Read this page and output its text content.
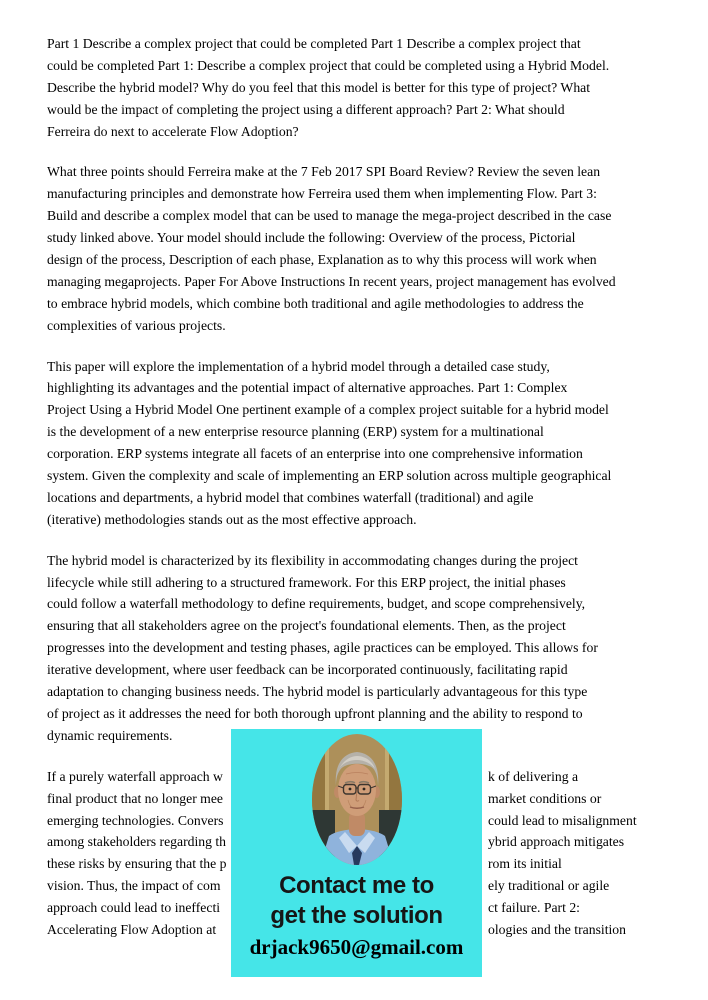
Part 1 Describe a complex project that could be completed Part 1 Describe a complex project that
could be completed Part 1: Describe a complex project that could be completed using a Hybrid Model.
Describe the hybrid model? Why do you feel that this model is better for this type of project? What
would be the impact of completing the project using a different approach? Part 2: What should
Ferreira do next to accelerate Flow Adoption?
What three points should Ferreira make at the 7 Feb 2017 SPI Board Review? Review the seven lean
manufacturing principles and demonstrate how Ferreira used them when implementing Flow. Part 3:
Build and describe a complex model that can be used to manage the mega-project described in the case
study linked above. Your model should include the following: Overview of the process, Pictorial
design of the process, Description of each phase, Explanation as to why this process will work when
managing megaprojects. Paper For Above Instructions In recent years, project management has evolved
to embrace hybrid models, which combine both traditional and agile methodologies to address the
complexities of various projects.
This paper will explore the implementation of a hybrid model through a detailed case study,
highlighting its advantages and the potential impact of alternative approaches. Part 1: Complex
Project Using a Hybrid Model One pertinent example of a complex project suitable for a hybrid model
is the development of a new enterprise resource planning (ERP) system for a multinational
corporation. ERP systems integrate all facets of an enterprise into one comprehensive information
system. Given the complexity and scale of implementing an ERP solution across multiple geographical
locations and departments, a hybrid model that combines waterfall (traditional) and agile
(iterative) methodologies stands out as the most effective approach.
The hybrid model is characterized by its flexibility in accommodating changes during the project
lifecycle while still adhering to a structured framework. For this ERP project, the initial phases
could follow a waterfall methodology to define requirements, budget, and scope comprehensively,
ensuring that all stakeholders agree on the project's foundational elements. Then, as the project
progresses into the development and testing phases, agile practices can be employed. This allows for
iterative development, where user feedback can be incorporated continuously, facilitating rapid
adaptation to changing business needs. The hybrid model is particularly advantageous for this type
of project as it addresses the need for both thorough upfront planning and the ability to respond to
dynamic requirements.
If a purely waterfall approach w	k of delivering a
final product that no longer mee	market conditions or
emerging technologies. Convers	could lead to misalignment
among stakeholders regarding th	ybrid approach mitigates
these risks by ensuring that the p	rom its initial
vision. Thus, the impact of com	ely traditional or agile
approach could lead to ineffecti	ct failure. Part 2:
Accelerating Flow Adoption at	ologies and the transition
Contact me to
get the solution
drjack9650@gmail.com
